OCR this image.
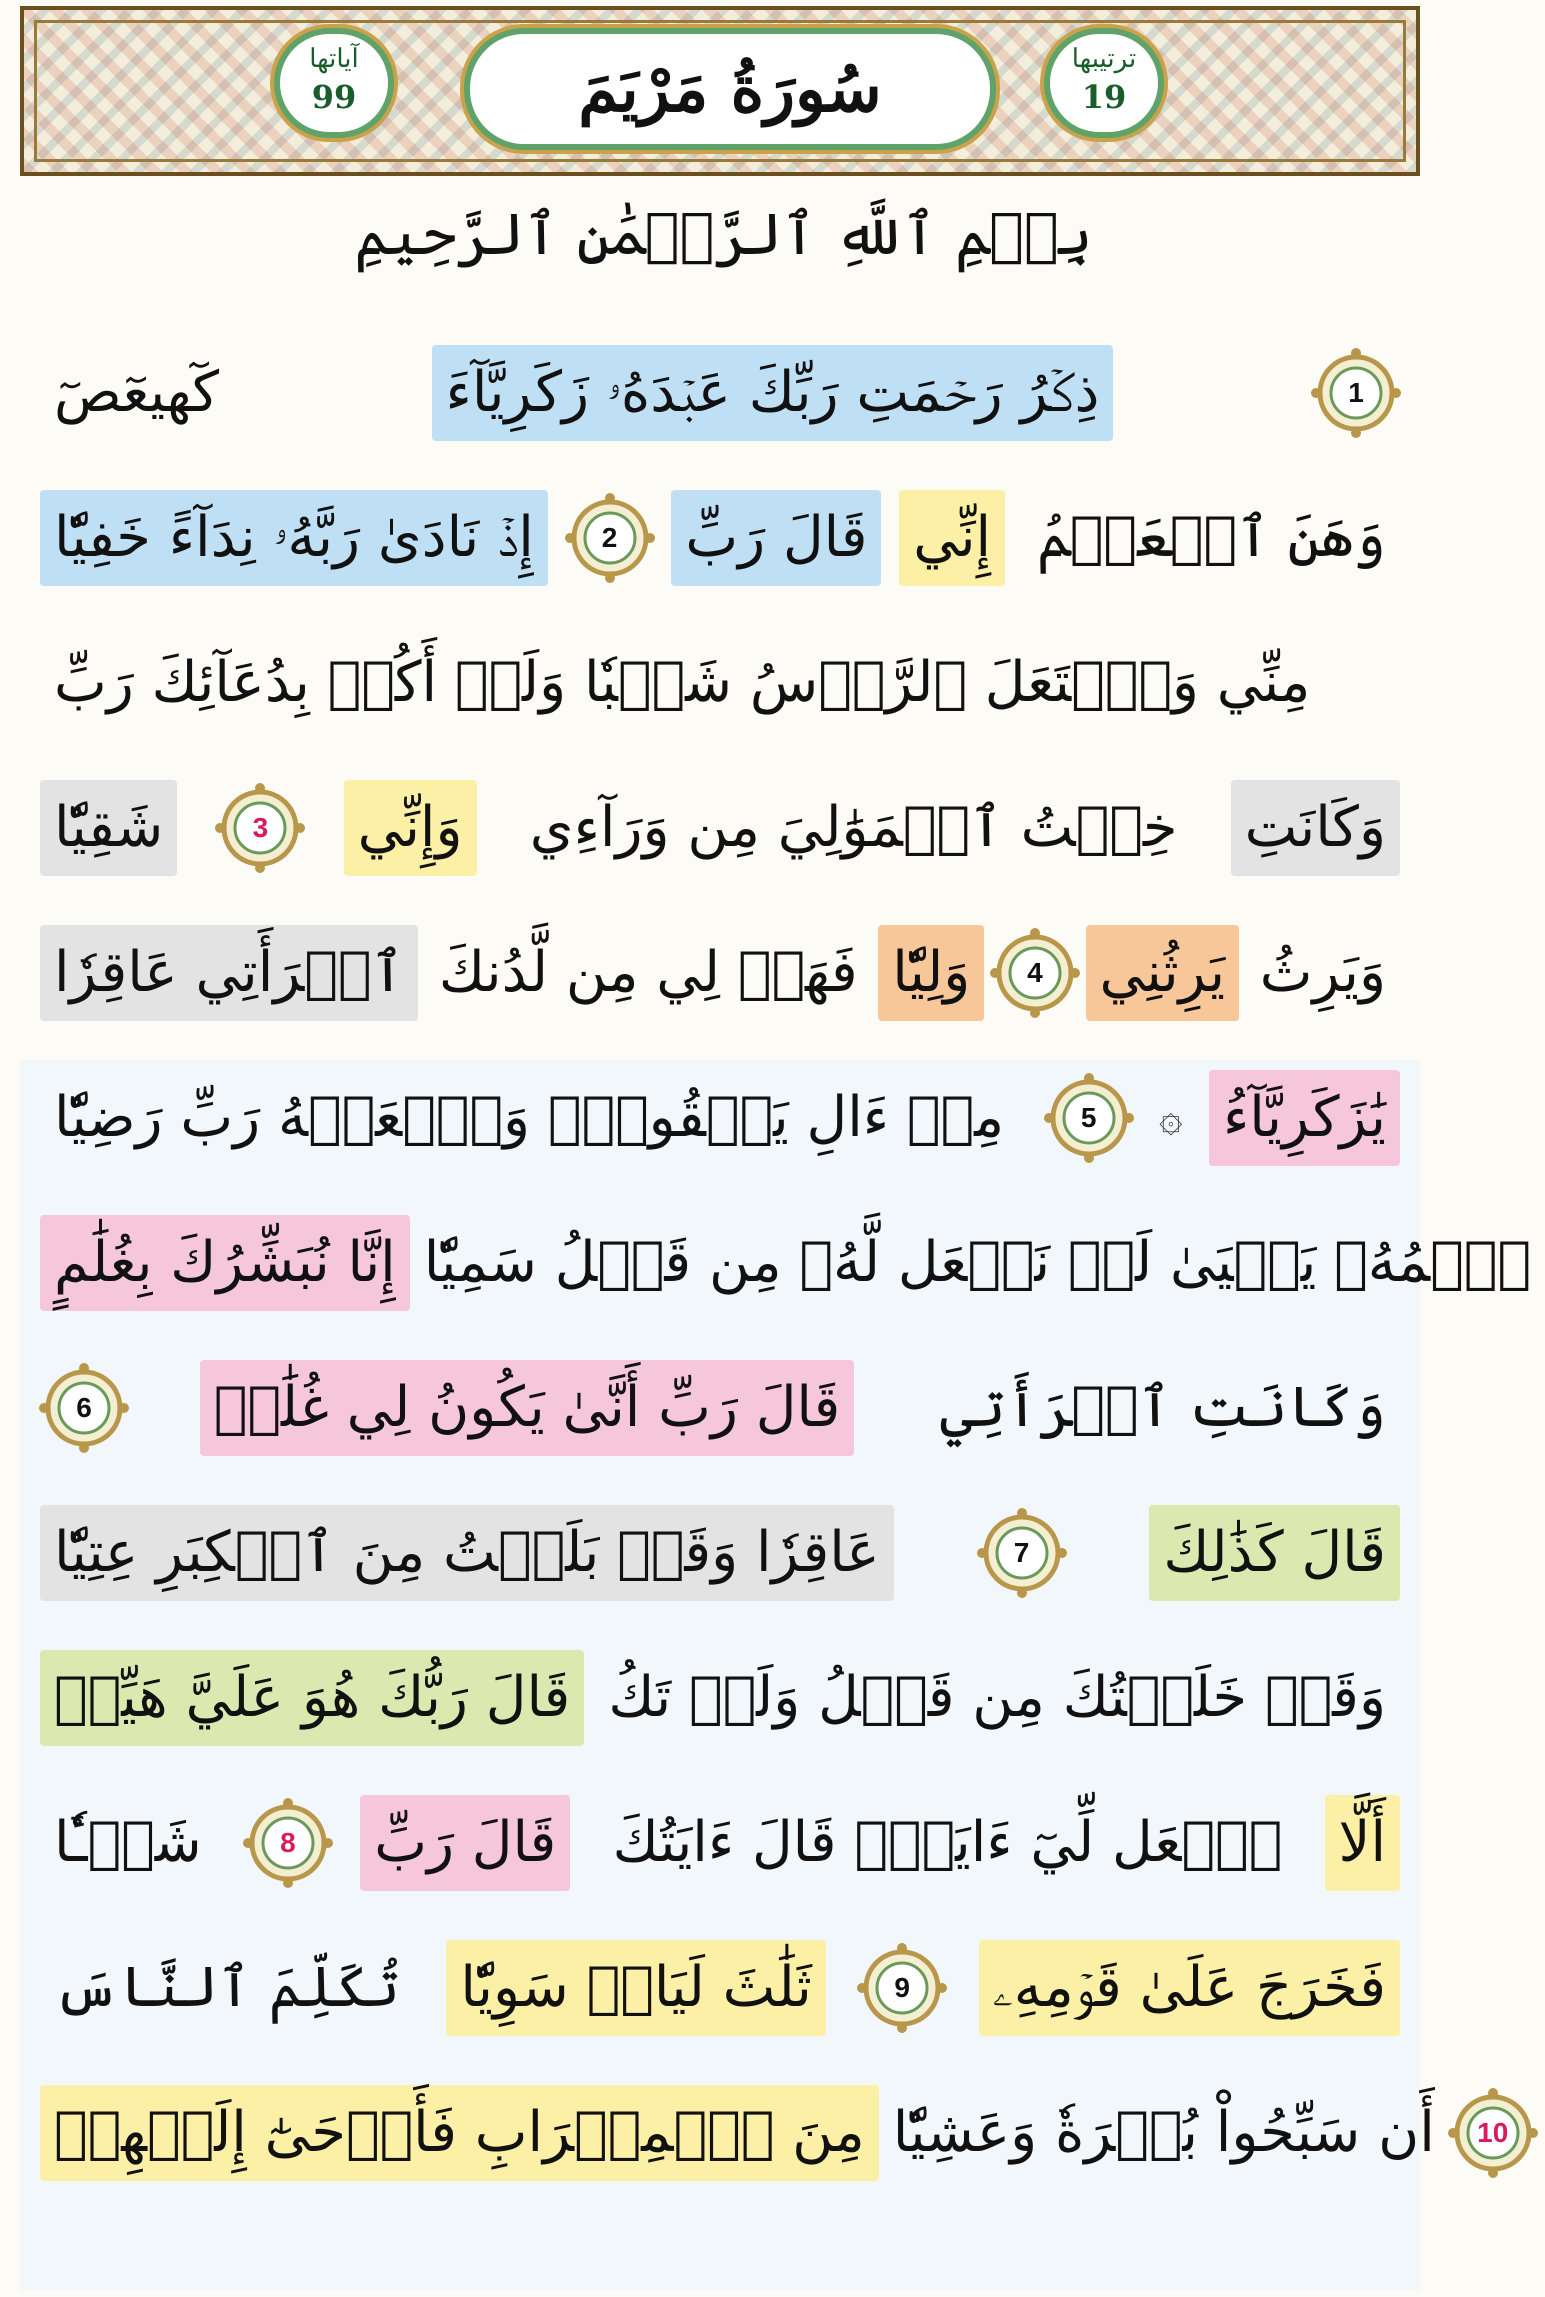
آياتها
99	سُورَةُ مَرْيَمَ	ترتيبها
19
بِسۡمِ ٱللَّهِ ٱلرَّحۡمَٰنِ ٱلرَّحِيمِ
كٓهيعٓصٓ	ذِكۡرُ رَحۡمَتِ رَبِّكَ عَبۡدَهُۥ زَكَرِيَّآءَ	1
إِذۡ نَادَىٰ رَبَّهُۥ نِدَآءً خَفِيّٗا	2 قَالَ رَبِّ إِنِّي وَهَنَ ٱلۡعَظۡمُ
مِنِّي وَٱشۡتَعَلَ ٱلرَّأۡسُ شَيۡبٗا وَلَمۡ أَكُنۢ بِدُعَآئِكَ رَبِّ
شَقِيّٗا	3 وَإِنِّي خِفۡتُ ٱلۡمَوَٰلِيَ مِن وَرَآءِي وَكَانَتِ
ٱمۡرَأَتِي عَاقِرٗا فَهَبۡ لِي مِن لَّدُنكَ وَلِيّٗا	4 يَرِثُنِي وَيَرِثُ
مِنۡ ءَالِ يَعۡقُوبَۖ وَٱجۡعَلۡهُ رَبِّ رَضِيّٗا	5 ۞ يَٰزَكَرِيَّآءُ
إِنَّا نُبَشِّرُكَ بِغُلَٰمٍ ٱسۡمُهُۥ يَحۡيَىٰ لَمۡ نَجۡعَل لَّهُۥ مِن قَبۡلُ سَمِيّٗا
6 قَالَ رَبِّ أَنَّىٰ يَكُونُ لِي غُلَٰمٞ وَكَانَتِ ٱمۡرَأَتِي
عَاقِرٗا وَقَدۡ بَلَغۡتُ مِنَ ٱلۡكِبَرِ عِتِيّٗا	7 قَالَ كَذَٰلِكَ
قَالَ رَبُّكَ هُوَ عَلَيَّ هَيِّنٞ وَقَدۡ خَلَقۡتُكَ مِن قَبۡلُ وَلَمۡ تَكُ
شَيۡـٔٗا	8 قَالَ رَبِّ ٱجۡعَل لِّيٓ ءَايَةٗۖ قَالَ ءَايَتُكَ أَلَّا
تُكَلِّمَ ٱلنَّاسَ ثَلَٰثَ لَيَالٖ سَوِيّٗا	9 فَخَرَجَ عَلَىٰ قَوۡمِهِۦ
مِنَ ٱلۡمِحۡرَابِ فَأَوۡحَىٰٓ إِلَيۡهِمۡ أَن سَبِّحُواْ بُكۡرَةٗ وَعَشِيّٗا	10
